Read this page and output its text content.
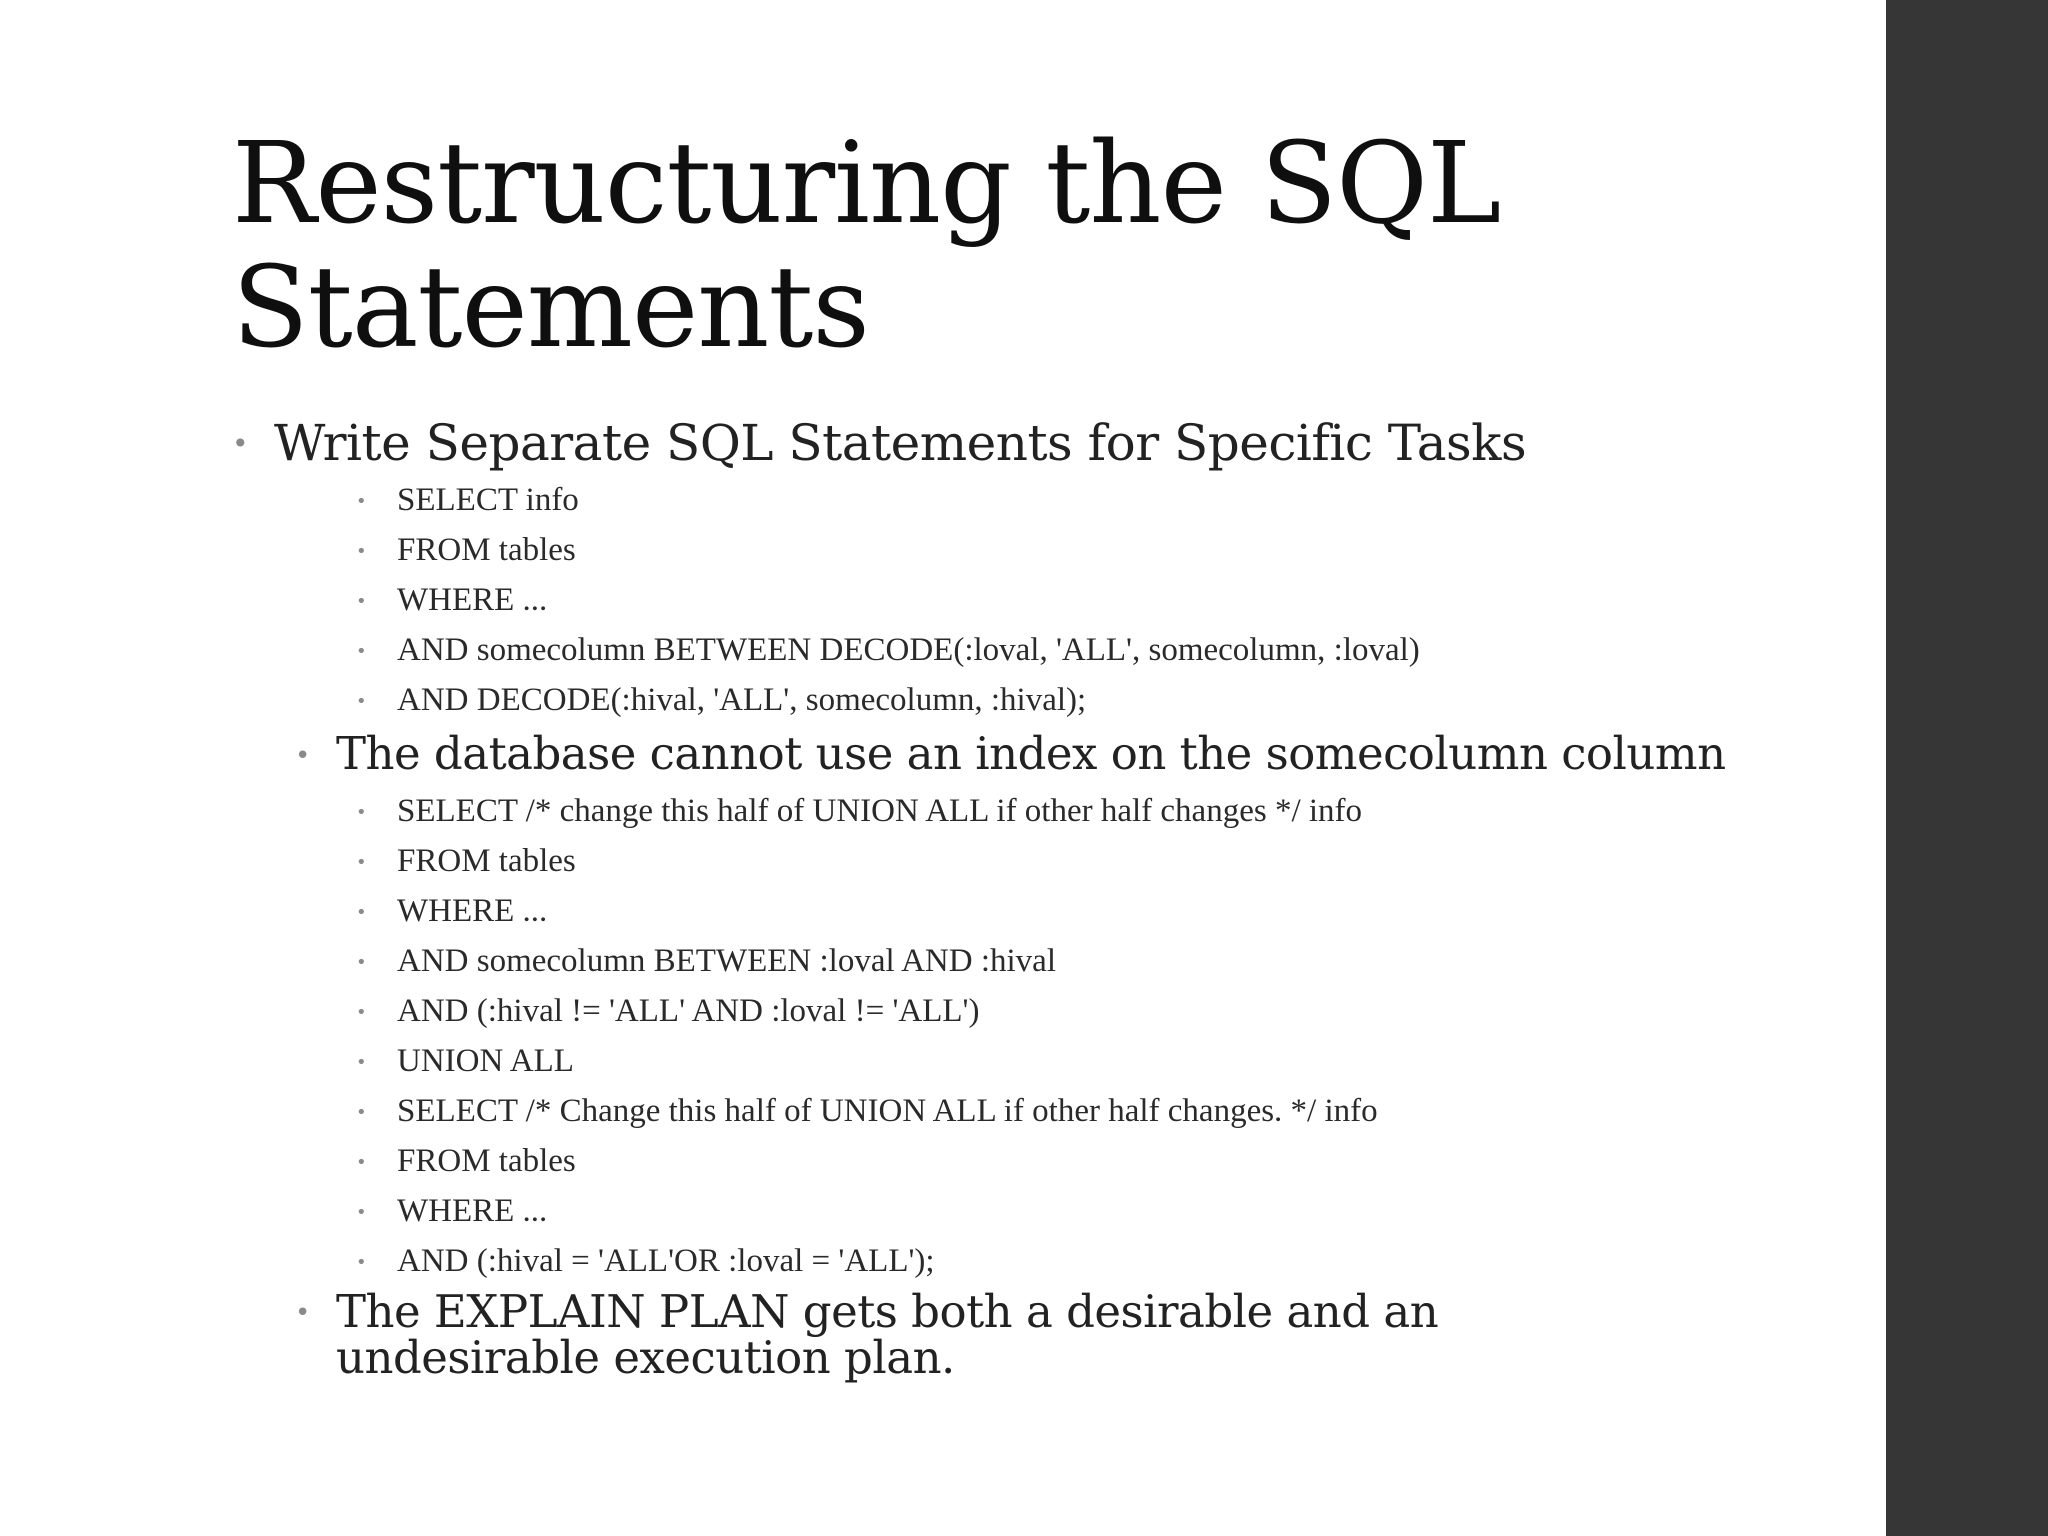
Restructuring the SQL Statements
• Write Separate SQL Statements for Specific Tasks
• SELECT info
• FROM tables
• WHERE ...
• AND somecolumn BETWEEN DECODE(:loval, 'ALL', somecolumn, :loval)
• AND DECODE(:hival, 'ALL', somecolumn, :hival);
• The database cannot use an index on the somecolumn column
• SELECT /* change this half of UNION ALL if other half changes */ info
• FROM tables
• WHERE ...
• AND somecolumn BETWEEN :loval AND :hival
• AND (:hival != 'ALL' AND :loval != 'ALL')
• UNION ALL
• SELECT /* Change this half of UNION ALL if other half changes. */ info
• FROM tables
• WHERE ...
• AND (:hival = 'ALL'OR :loval = 'ALL');
• The EXPLAIN PLAN gets both a desirable and an undesirable execution plan.
